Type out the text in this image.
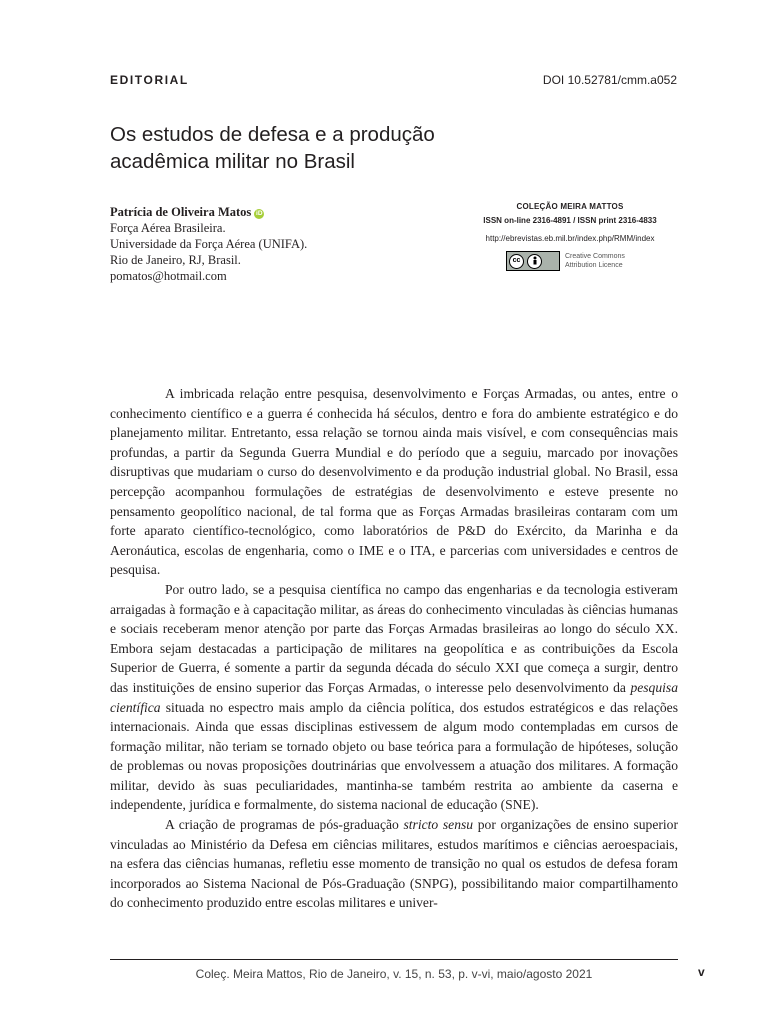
EDITORIAL	DOI 10.52781/cmm.a052
Os estudos de defesa e a produção
acadêmica militar no Brasil
Patrícia de Oliveira Matos iD
Força Aérea Brasileira.
Universidade da Força Aérea (UNIFA).
Rio de Janeiro, RJ, Brasil.
pomatos@hotmail.com
COLEÇÃO MEIRA MATTOS
ISSN on-line 2316-4891 / ISSN print 2316-4833
http://ebrevistas.eb.mil.br/index.php/RMM/index
cc	Creative Commons
Attribution Licence

A imbricada relação entre pesquisa, desenvolvimento e Forças Armadas, ou antes, entre o conhecimento científico e a guerra é conhecida há séculos, dentro e fora do ambiente estratégico e do planejamento militar. Entretanto, essa relação se tornou ainda mais visível, e com consequências mais profundas, a partir da Segunda Guerra Mundial e do período que a seguiu, marcado por inovações disruptivas que mudariam o curso do desenvolvimento e da produção industrial global. No Brasil, essa percepção acompanhou formulações de estratégias de desenvolvimento e esteve presente no pensamento geopolítico nacional, de tal forma que as Forças Armadas brasileiras contaram com um forte aparato científico-tecnológico, como laboratórios de P&D do Exército, da Marinha e da Aeronáutica, escolas de engenharia, como o IME e o ITA, e parcerias com universidades e centros de pesquisa.

Por outro lado, se a pesquisa científica no campo das engenharias e da tecnologia estiveram arraigadas à formação e à capacitação militar, as áreas do conhecimento vinculadas às ciências humanas e sociais receberam menor atenção por parte das Forças Armadas brasileiras ao longo do século XX. Embora sejam destacadas a participação de militares na geopolítica e as contribuições da Escola Superior de Guerra, é somente a partir da segunda década do século XXI que começa a surgir, dentro das instituições de ensino superior das Forças Armadas, o interesse pelo desenvolvimento da pesquisa científica situada no espectro mais amplo da ciência política, dos estudos estratégicos e das relações internacionais. Ainda que essas disciplinas estivessem de algum modo contempladas em cursos de formação militar, não teriam se tornado objeto ou base teórica para a formulação de hipóteses, solução de problemas ou novas proposições doutrinárias que envolvessem a atuação dos militares. A formação militar, devido às suas peculiaridades, mantinha-se também restrita ao ambiente da caserna e independente, jurídica e formalmente, do sistema nacional de educação (SNE).

A criação de programas de pós-graduação stricto sensu por organizações de ensino superior vinculadas ao Ministério da Defesa em ciências militares, estudos marítimos e ciências aeroespaciais, na esfera das ciências humanas, refletiu esse momento de transição no qual os estudos de defesa foram incorporados ao Sistema Nacional de Pós-Graduação (SNPG), possibilitando maior compartilhamento do conhecimento produzido entre escolas militares e univer-

Coleç. Meira Mattos, Rio de Janeiro, v. 15, n. 53, p. v-vi, maio/agosto 2021	v
